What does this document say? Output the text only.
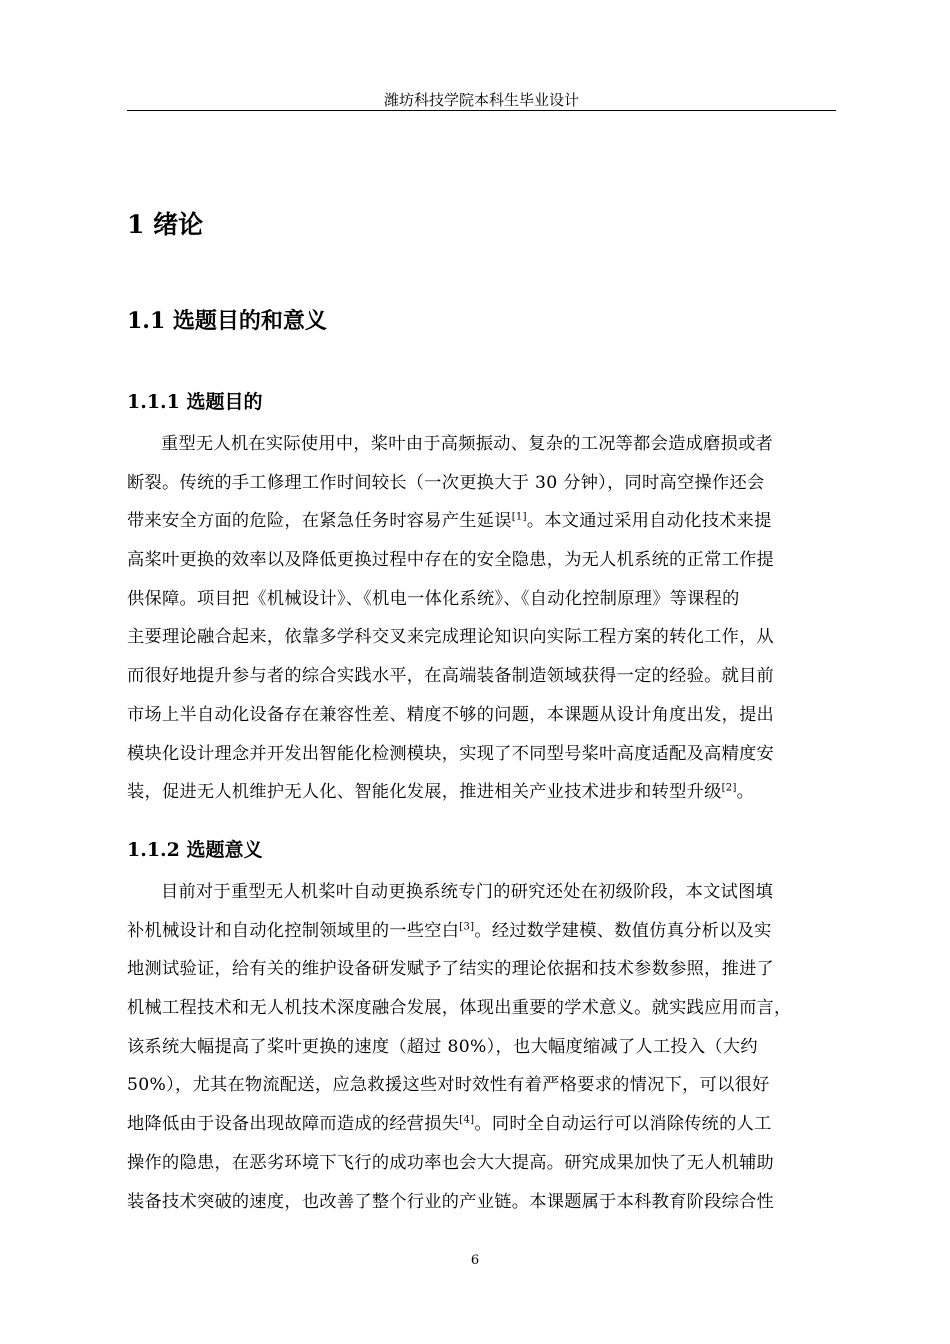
潍坊科技学院本科生毕业设计
1 绪论
1.1 选题目的和意义
1.1.1 选题目的
重型无人机在实际使用中，桨叶由于高频振动、复杂的工况等都会造成磨损或者
断裂。传统的手工修理工作时间较长（一次更换大于 30 分钟），同时高空操作还会
带来安全方面的危险，在紧急任务时容易产生延误[1]。本文通过采用自动化技术来提
高桨叶更换的效率以及降低更换过程中存在的安全隐患，为无人机系统的正常工作提
供保障。项目把《机械设计》、《机电一体化系统》、《自动化控制原理》等课程的
主要理论融合起来，依靠多学科交叉来完成理论知识向实际工程方案的转化工作，从
而很好地提升参与者的综合实践水平，在高端装备制造领域获得一定的经验。就目前
市场上半自动化设备存在兼容性差、精度不够的问题，本课题从设计角度出发，提出
模块化设计理念并开发出智能化检测模块，实现了不同型号桨叶高度适配及高精度安
装，促进无人机维护无人化、智能化发展，推进相关产业技术进步和转型升级[2]。
1.1.2 选题意义
目前对于重型无人机桨叶自动更换系统专门的研究还处在初级阶段，本文试图填
补机械设计和自动化控制领域里的一些空白[3]。经过数学建模、数值仿真分析以及实
地测试验证，给有关的维护设备研发赋予了结实的理论依据和技术参数参照，推进了
机械工程技术和无人机技术深度融合发展，体现出重要的学术意义。就实践应用而言，
该系统大幅提高了桨叶更换的速度（超过 80%），也大幅度缩减了人工投入（大约
50%），尤其在物流配送，应急救援这些对时效性有着严格要求的情况下，可以很好
地降低由于设备出现故障而造成的经营损失[4]。同时全自动运行可以消除传统的人工
操作的隐患，在恶劣环境下飞行的成功率也会大大提高。研究成果加快了无人机辅助
装备技术突破的速度，也改善了整个行业的产业链。本课题属于本科教育阶段综合性
6
